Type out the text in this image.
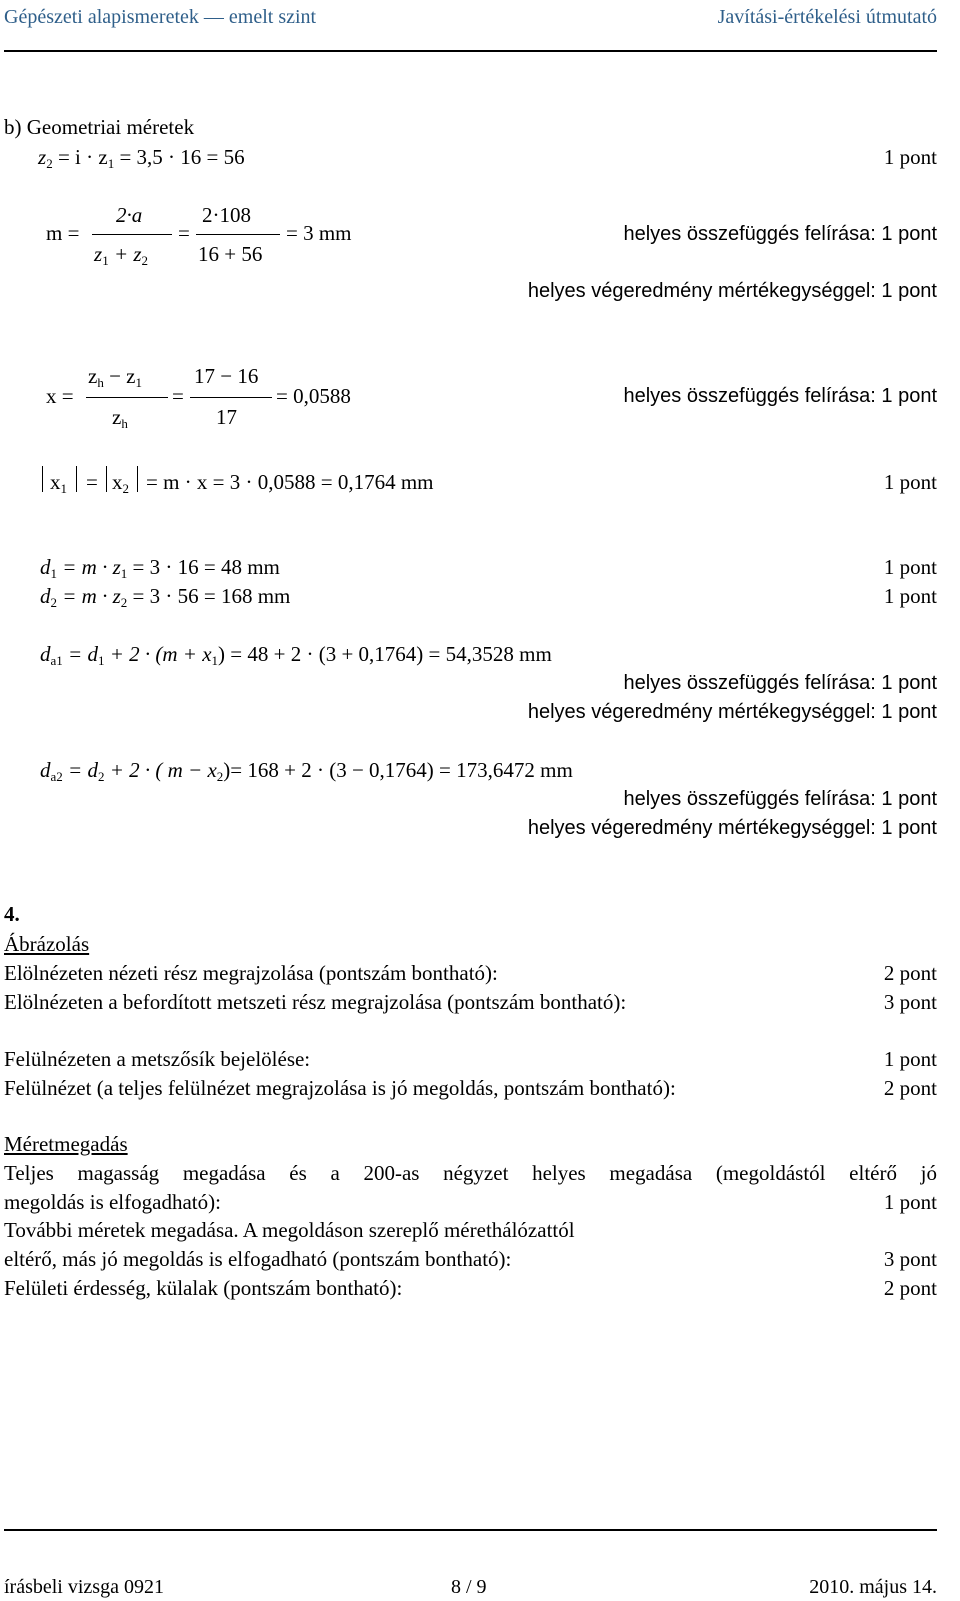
Gépészeti alapismeretek — emelt szint	Javítási-értékelési útmutató
b) Geometriai méretek
$z_2 = i \cdot z_1 = 3,5 \cdot 16 = 56$	1 pont
m =
2·a
$z_1 + z_2$
=
2·108
16 + 56
= 3 mm	helyes összefüggés felírása: 1 pont
helyes végeredmény mértékegységgel: 1 pont
x =
$z_h - z_1$
$z_h$
=
17 − 16
17
= 0,0588	helyes összefüggés felírása: 1 pont
$x_1 = x_2 = m \cdot x = 3 \cdot 0,0588 = 0,1764$ mm	1 pont
$d_1 = m \cdot z_1 = 3 \cdot 16 = 48$ mm	1 pont
$d_2 = m \cdot z_2 = 3 \cdot 56 = 168$ mm	1 pont
$d_{a1} = d_1 + 2 \cdot (m + x_1) = 48 + 2 \cdot (3 + 0,1764) = 54,3528$ mm
helyes összefüggés felírása: 1 pont
helyes végeredmény mértékegységgel: 1 pont
$d_{a2} = d_2 + 2$ · ( $m - x_2)= 168 + 2 \cdot (3 - 0,1764) = 173,6472$ mm
helyes összefüggés felírása: 1 pont
helyes végeredmény mértékegységgel: 1 pont
4.
Ábrázolás
Elölnézeten nézeti rész megrajzolása (pontszám bontható):	2 pont
Elölnézeten a befordított metszeti rész megrajzolása (pontszám bontható):	3 pont
Felülnézeten a metszősík bejelölése:	1 pont
Felülnézet (a teljes felülnézet megrajzolása is jó megoldás, pontszám bontható):	2 pont
Méretmegadás
Teljes magasság megadása és a 200-as négyzet helyes megadása (megoldástól eltérő jó
megoldás is elfogadható):	1 pont
További méretek megadása. A megoldáson szereplő mérethálózattól
eltérő, más jó megoldás is elfogadható (pontszám bontható):	3 pont
Felületi érdesség, külalak (pontszám bontható):	2 pont
írásbeli vizsga 0921	8 / 9	2010. május 14.
